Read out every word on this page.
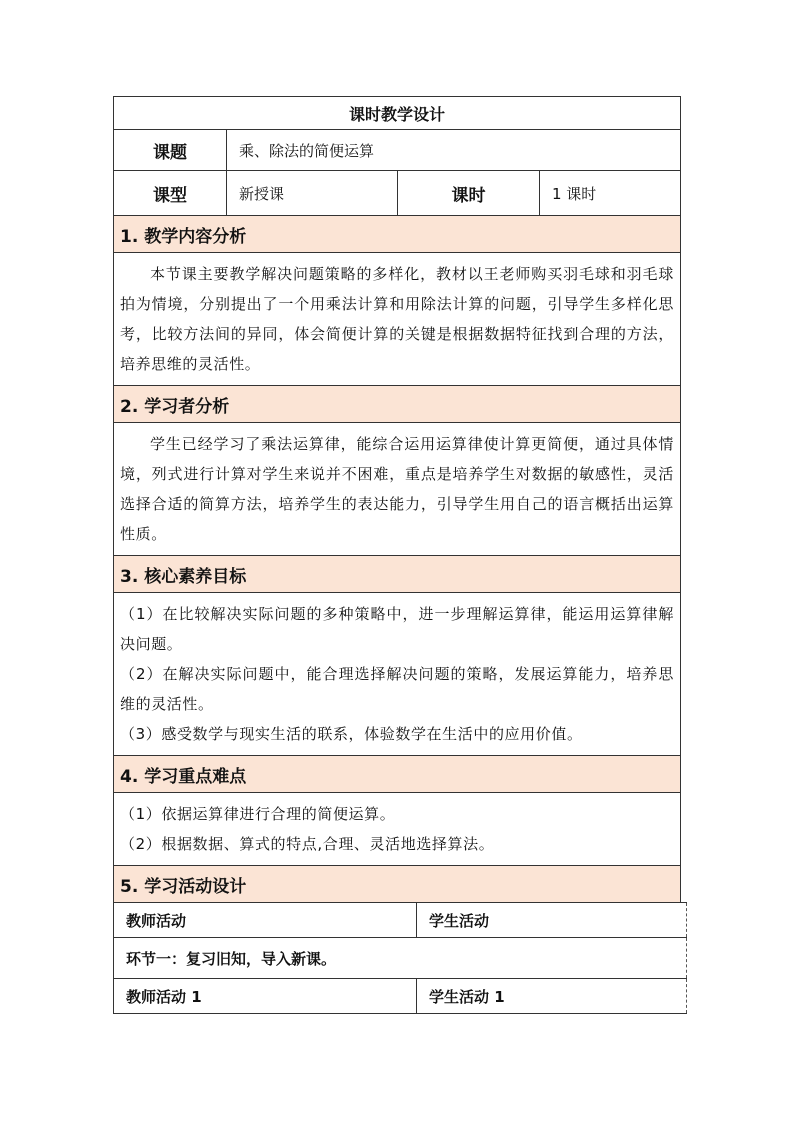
课时教学设计			
课题	乘、除法的简便运算		
课型	新授课	课时	1 课时
1. 教学内容分析			

本节课主要教学解决问题策略的多样化，教材以王老师购买羽毛球和羽毛球拍为情境，分别提出了一个用乘法计算和用除法计算的问题，引导学生多样化思考，比较方法间的异同，体会简便计算的关键是根据数据特征找到合理的方法，培养思维的灵活性。			

2. 学习者分析			

学生已经学习了乘法运算律，能综合运用运算律使计算更简便，通过具体情境，列式进行计算对学生来说并不困难，重点是培养学生对数据的敏感性，灵活选择合适的简算方法，培养学生的表达能力，引导学生用自己的语言概括出运算性质。			

3. 核心素养目标			

（1）在比较解决实际问题的多种策略中，进一步理解运算律，能运用运算律解决问题。
（2）在解决实际问题中，能合理选择解决问题的策略，发展运算能力，培养思维的灵活性。
（3）感受数学与现实生活的联系，体验数学在生活中的应用价值。			

4. 学习重点难点			

（1）依据运算律进行合理的简便运算。
（2）根据数据、算式的特点,合理、灵活地选择算法。			

5. 学习活动设计			
教师活动	学生活动
环节一：复习旧知，导入新课。	
教师活动 1	学生活动 1
